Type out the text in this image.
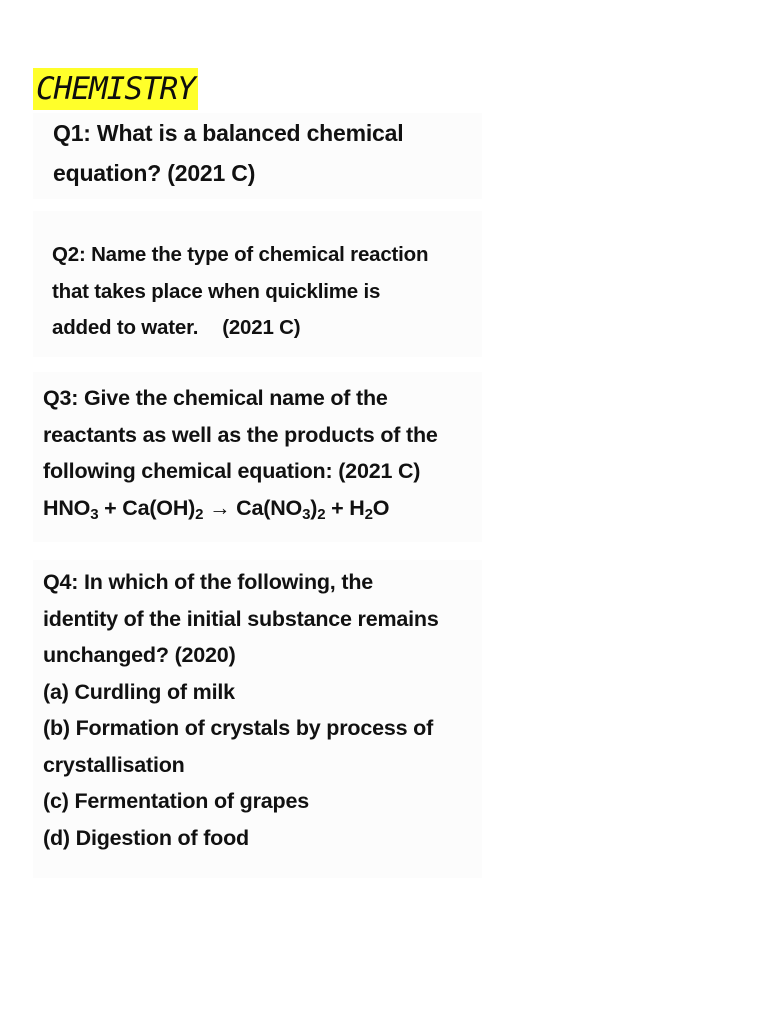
CHEMISTRY
Q1: What is a balanced chemical
equation? (2021 C)
Q2: Name the type of chemical reaction
that takes place when quicklime is
added to water. (2021 C)
Q3: Give the chemical name of the
reactants as well as the products of the
following chemical equation: (2021 C)
$HNO_3 + Ca(OH)_2 \to Ca(NO_3)_2 + H_2O$
Q4: In which of the following, the
identity of the initial substance remains
unchanged? (2020)
(a) Curdling of milk
(b) Formation of crystals by process of
crystallisation
(c) Fermentation of grapes
(d) Digestion of food
